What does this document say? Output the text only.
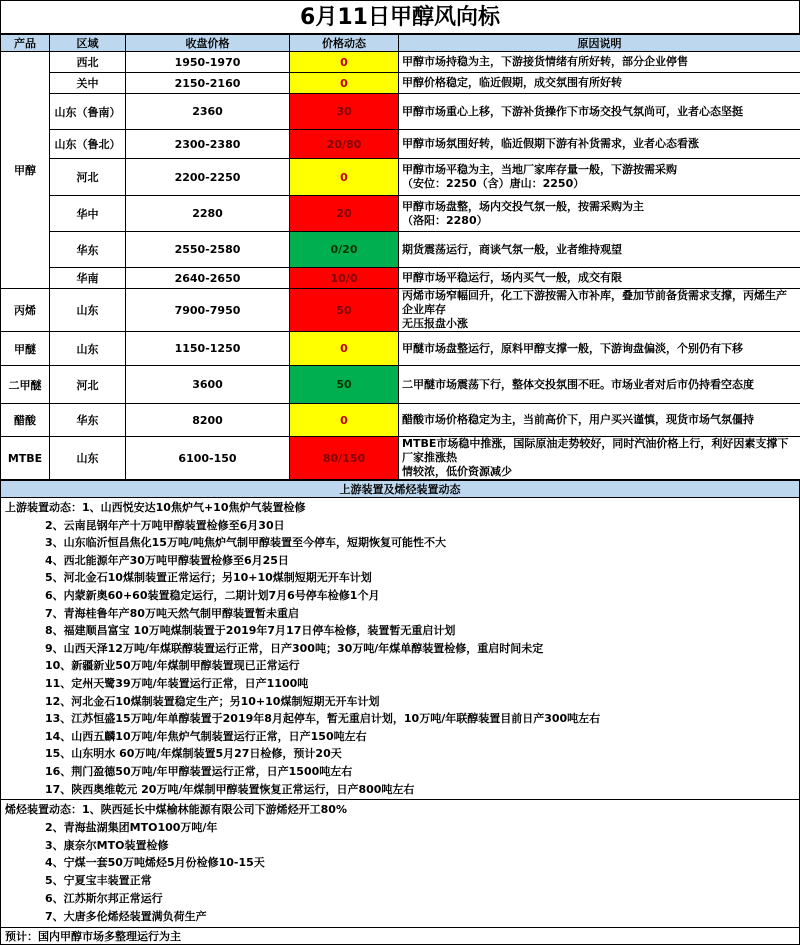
6月11日甲醇风向标
产品	区域	收盘价格	价格动态	原因说明
甲醇	西北	1950-1970	0	甲醇市场持稳为主，下游接货情绪有所好转，部分企业停售

	关中	2150-2160	0	甲醇价格稳定，临近假期，成交氛围有所好转

	山东（鲁南）	2360	30	甲醇市场重心上移，下游补货操作下市场交投气氛尚可，业者心态坚挺

	山东（鲁北）	2300-2380	20/80	甲醇市场氛围好转，临近假期下游有补货需求，业者心态看涨

	河北	2200-2250	0	甲醇市场平稳为主，当地厂家库存量一般，下游按需采购
（安位：2250（含）唐山：2250）

	华中	2280	20	甲醇市场盘整，场内交投气氛一般，按需采购为主
（洛阳：2280）

	华东	2550-2580	0/20	期货震荡运行，商谈气氛一般，业者维持观望

	华南	2640-2650	10/0	甲醇市场平稳运行，场内买气一般，成交有限

丙烯	山东	7900-7950	50	丙烯市场窄幅回升，化工下游按需入市补库，叠加节前备货需求支撑，丙烯生产企业库存
无压报盘小涨

甲醚	山东	1150-1250	0	甲醚市场盘整运行，原料甲醇支撑一般，下游询盘偏淡，个别仍有下移

二甲醚	河北	3600	50	二甲醚市场震荡下行，整体交投氛围不旺。市场业者对后市仍持看空态度

醋酸	华东	8200	0	醋酸市场价格稳定为主，当前高价下，用户买兴谨慎，现货市场气氛僵持

MTBE	山东	6100-150	80/150	MTBE市场稳中推涨，国际原油走势较好，同时汽油价格上行，利好因素支撑下厂家推涨热
情较浓，低价资源减少
上游装置及烯烃装置动态
上游装置动态：1、山西悦安达10焦炉气+10焦炉气装置检修
2、云南昆钢年产十万吨甲醇装置检修至6月30日
3、山东临沂恒昌焦化15万吨/吨焦炉气制甲醇装置至今停车，短期恢复可能性不大
4、西北能源年产30万吨甲醇装置检修至6月25日
5、河北金石10煤制装置正常运行；另10+10煤制短期无开车计划
6、内蒙新奥60+60装置稳定运行，二期计划7月6号停车检修1个月
7、青海桂鲁年产80万吨天然气制甲醇装置暂未重启
8、福建顺昌富宝 10万吨煤制装置于2019年7月17日停车检修，装置暂无重启计划
9、山西天泽12万吨/年煤联醇装置运行正常，日产300吨；30万吨/年煤单醇装置检修，重启时间未定
10、新疆新业50万吨/年煤制甲醇装置现已正常运行
11、定州天鹭39万吨/年装置运行正常，日产1100吨
12、河北金石10煤制装置稳定生产；另10+10煤制短期无开车计划
13、江苏恒盛15万吨/年单醇装置于2019年8月起停车，暂无重启计划，10万吨/年联醇装置目前日产300吨左右
14、山西五麟10万吨/年焦炉气制装置运行正常，日产150吨左右
15、山东明水 60万吨/年煤制装置5月27日检修，预计20天
16、荆门盈德50万吨/年甲醇装置运行正常，日产1500吨左右
17、陕西奥维乾元 20万吨/年煤制甲醇装置恢复正常运行，日产800吨左右
烯烃装置动态：1、陕西延长中煤榆林能源有限公司下游烯烃开工80%
2、青海盐湖集团MTO100万吨/年
3、康奈尔MTO装置检修
4、宁煤一套50万吨烯烃5月份检修10-15天
5、宁夏宝丰装置正常
6、江苏斯尔邦正常运行
7、大唐多伦烯烃装置满负荷生产
预计：国内甲醇市场多整理运行为主
